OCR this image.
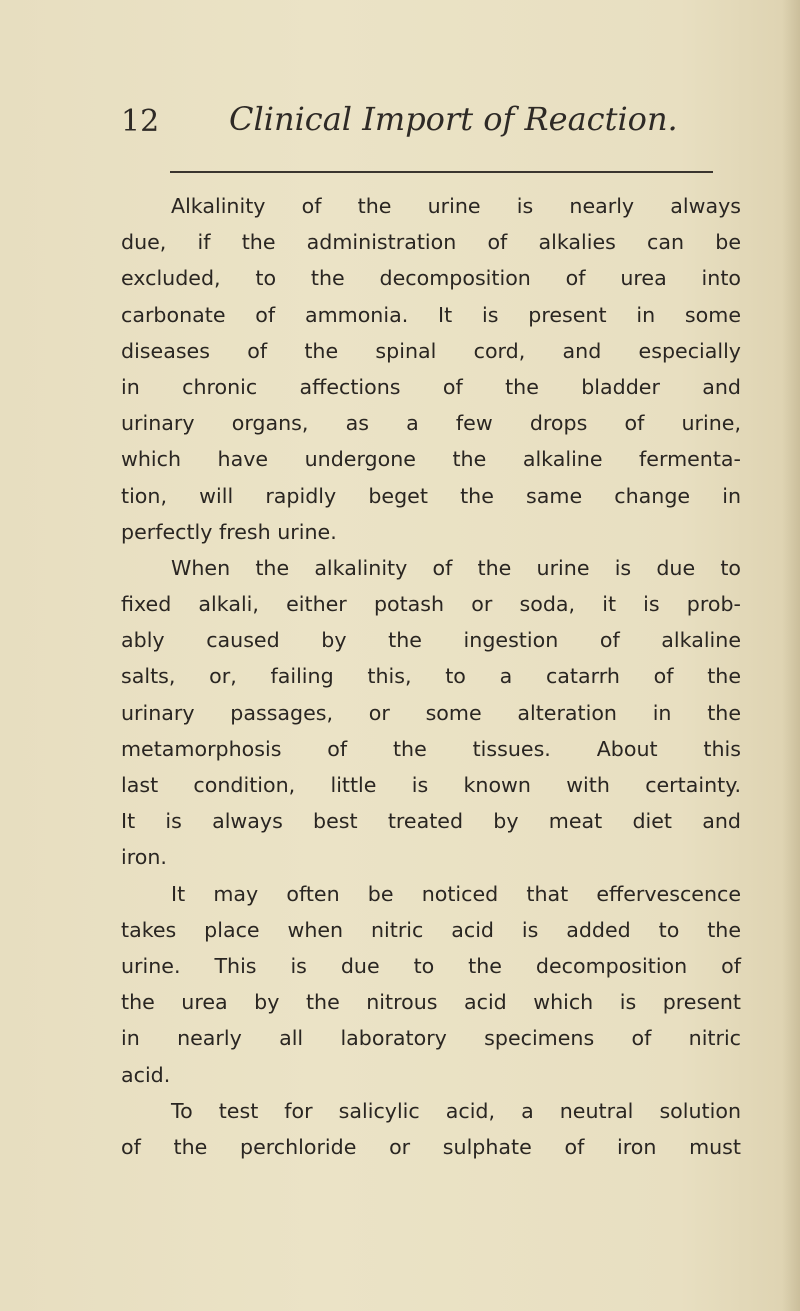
12 Clinical Import of Reaction.
Alkalinity of the urine is nearly always
due, if the administration of alkalies can be
excluded, to the decomposition of urea into
carbonate of ammonia. It is present in some
diseases of the spinal cord, and especially
in chronic affections of the bladder and
urinary organs, as a few drops of urine,
which have undergone the alkaline fermenta-
tion, will rapidly beget the same change in
perfectly fresh urine.
When the alkalinity of the urine is due to
fixed alkali, either potash or soda, it is prob-
ably caused by the ingestion of alkaline
salts, or, failing this, to a catarrh of the
urinary passages, or some alteration in the
metamorphosis of the tissues. About this
last condition, little is known with certainty.
It is always best treated by meat diet and
iron.
It may often be noticed that effervescence
takes place when nitric acid is added to the
urine. This is due to the decomposition of
the urea by the nitrous acid which is present
in nearly all laboratory specimens of nitric
acid.
To test for salicylic acid, a neutral solution
of the perchloride or sulphate of iron must
